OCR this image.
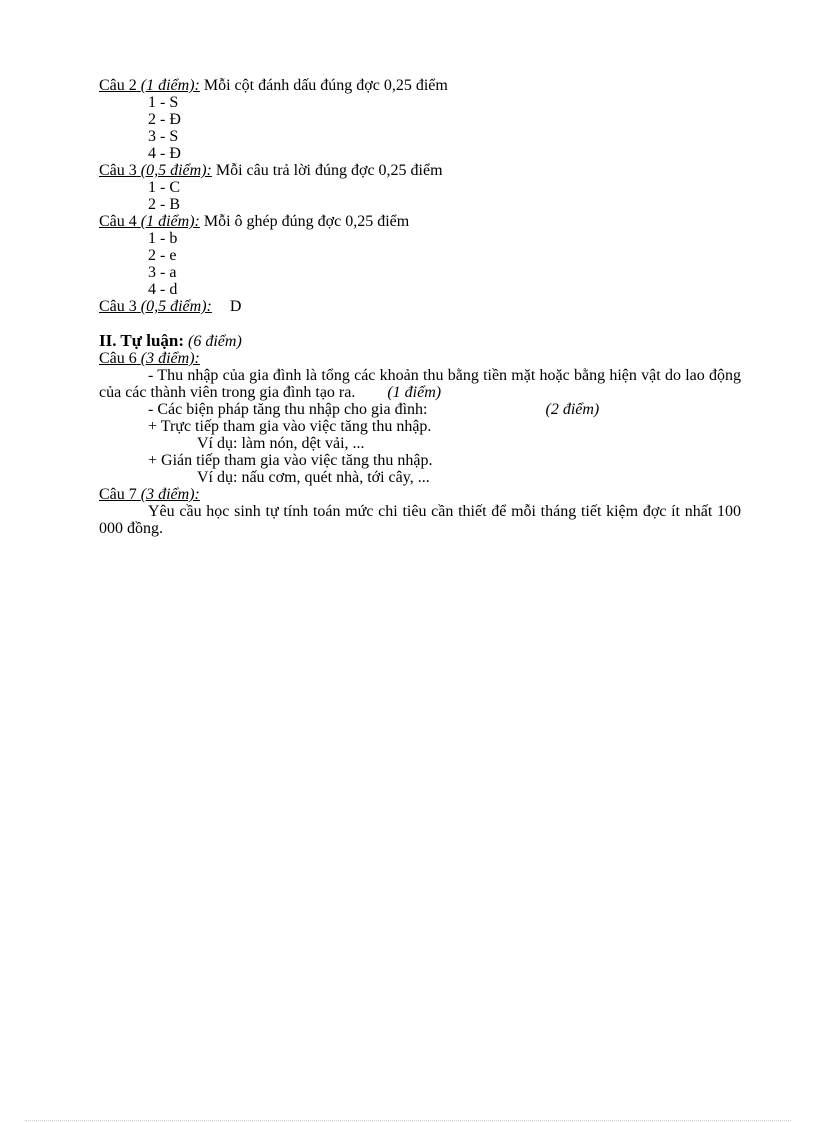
Câu 2 (1 điểm): Mỗi cột đánh dấu đúng đợc 0,25 điểm
1 - S
2 - Đ
3 - S
4 - Đ
Câu 3 (0,5 điểm): Mỗi câu trả lời đúng đợc 0,25 điểm
1 - C
2 - B
Câu 4 (1 điểm): Mỗi ô ghép đúng đợc 0,25 điểm
1 - b
2 - e
3 - a
4 - d
Câu 3 (0,5 điểm): D
II. Tự luận: (6 điểm)
Câu 6 (3 điểm):
- Thu nhập của gia đình là tổng các khoản thu bằng tiền mặt hoặc bằng hiện vật do lao động của các thành viên trong gia đình tạo ra. (1 điểm)
- Các biện pháp tăng thu nhập cho gia đình:	(2 điểm)
+ Trực tiếp tham gia vào việc tăng thu nhập.
Ví dụ: làm nón, dệt vải, ...
+ Gián tiếp tham gia vào việc tăng thu nhập.
Ví dụ: nấu cơm, quét nhà, tới cây, ...
Câu 7 (3 điểm):
Yêu cầu học sinh tự tính toán mức chi tiêu cần thiết để mỗi tháng tiết kiệm đợc ít nhất 100 000 đồng.
